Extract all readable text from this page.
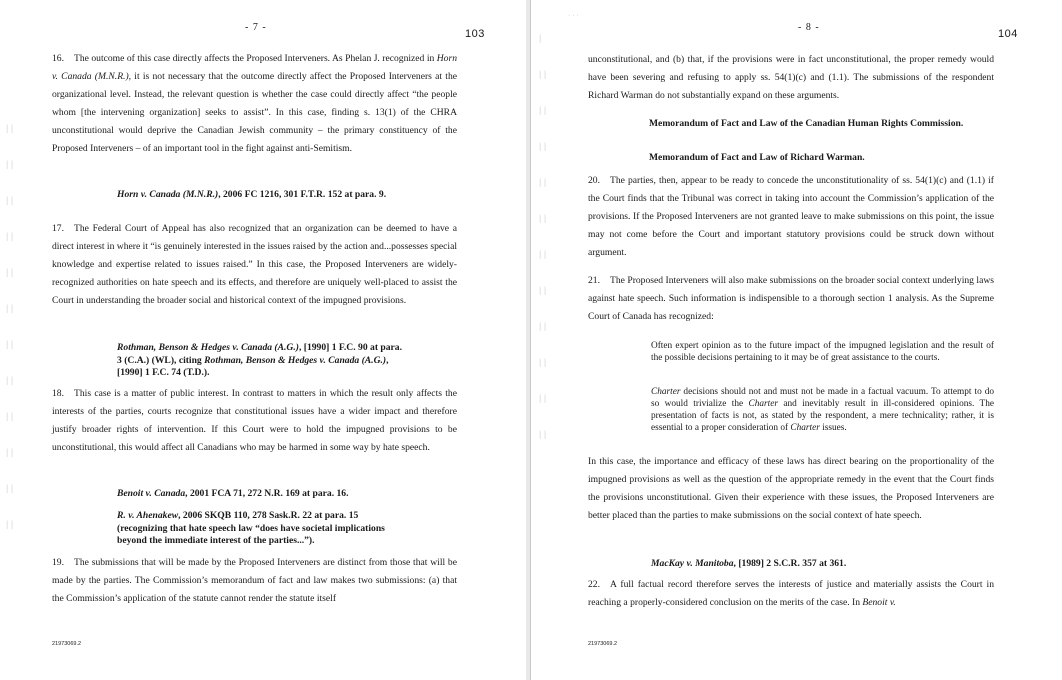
| |
| |
| |
| |
| |
| |
| |
| |
| |
| |
| |
| |
- 7 -
103

16. The outcome of this case directly affects the Proposed Interveners. As Phelan J. recognized in Horn v. Canada (M.N.R.), it is not necessary that the outcome directly affect the Proposed Interveners at the organizational level. Instead, the relevant question is whether the case could directly affect “the people whom [the intervening organization] seeks to assist”. In this case, finding s. 13(1) of the CHRA unconstitutional would deprive the Canadian Jewish community – the primary constituency of the Proposed Interveners – of an important tool in the fight against anti-Semitism.

Horn v. Canada (M.N.R.), 2006 FC 1216, 301 F.T.R. 152 at para. 9.

17. The Federal Court of Appeal has also recognized that an organization can be deemed to have a direct interest in where it “is genuinely interested in the issues raised by the action and...possesses special knowledge and expertise related to issues raised.” In this case, the Proposed Interveners are widely-recognized authorities on hate speech and its effects, and therefore are uniquely well-placed to assist the Court in understanding the broader social and historical context of the impugned provisions.

Rothman, Benson & Hedges v. Canada (A.G.), [1990] 1 F.C. 90 at para. 3 (C.A.) (WL), citing Rothman, Benson & Hedges v. Canada (A.G.), [1990] 1 F.C. 74 (T.D.).

18. This case is a matter of public interest. In contrast to matters in which the result only affects the interests of the parties, courts recognize that constitutional issues have a wider impact and therefore justify broader rights of intervention. If this Court were to hold the impugned provisions to be unconstitutional, this would affect all Canadians who may be harmed in some way by hate speech.

Benoit v. Canada, 2001 FCA 71, 272 N.R. 169 at para. 16.

R. v. Ahenakew, 2006 SKQB 110, 278 Sask.R. 22 at para. 15 (recognizing that hate speech law “does have societal implications beyond the immediate interest of the parties...”).

19. The submissions that will be made by the Proposed Interveners are distinct from those that will be made by the parties. The Commission’s memorandum of fact and law makes two submissions: (a) that the Commission’s application of the statute cannot render the statute itself

21973069.2
· · ·
|
| |
| |
| |
| |
| |
| |
| |
| |
| |
| |
| |
- 8 -
104

unconstitutional, and (b) that, if the provisions were in fact unconstitutional, the proper remedy would have been severing and refusing to apply ss. 54(1)(c) and (1.1). The submissions of the respondent Richard Warman do not substantially expand on these arguments.

Memorandum of Fact and Law of the Canadian Human Rights Commission.

Memorandum of Fact and Law of Richard Warman.

20. The parties, then, appear to be ready to concede the unconstitutionality of ss. 54(1)(c) and (1.1) if the Court finds that the Tribunal was correct in taking into account the Commission’s application of the provisions. If the Proposed Interveners are not granted leave to make submissions on this point, the issue may not come before the Court and important statutory provisions could be struck down without argument.

21. The Proposed Interveners will also make submissions on the broader social context underlying laws against hate speech. Such information is indispensible to a thorough section 1 analysis. As the Supreme Court of Canada has recognized:

Often expert opinion as to the future impact of the impugned legislation and the result of the possible decisions pertaining to it may be of great assistance to the courts.

Charter decisions should not and must not be made in a factual vacuum. To attempt to do so would trivialize the Charter and inevitably result in ill-considered opinions. The presentation of facts is not, as stated by the respondent, a mere technicality; rather, it is essential to a proper consideration of Charter issues.

In this case, the importance and efficacy of these laws has direct bearing on the proportionality of the impugned provisions as well as the question of the appropriate remedy in the event that the Court finds the provisions unconstitutional. Given their experience with these issues, the Proposed Interveners are better placed than the parties to make submissions on the social context of hate speech.

MacKay v. Manitoba, [1989] 2 S.C.R. 357 at 361.

22. A full factual record therefore serves the interests of justice and materially assists the Court in reaching a properly-considered conclusion on the merits of the case. In Benoit v.

21973069.2
